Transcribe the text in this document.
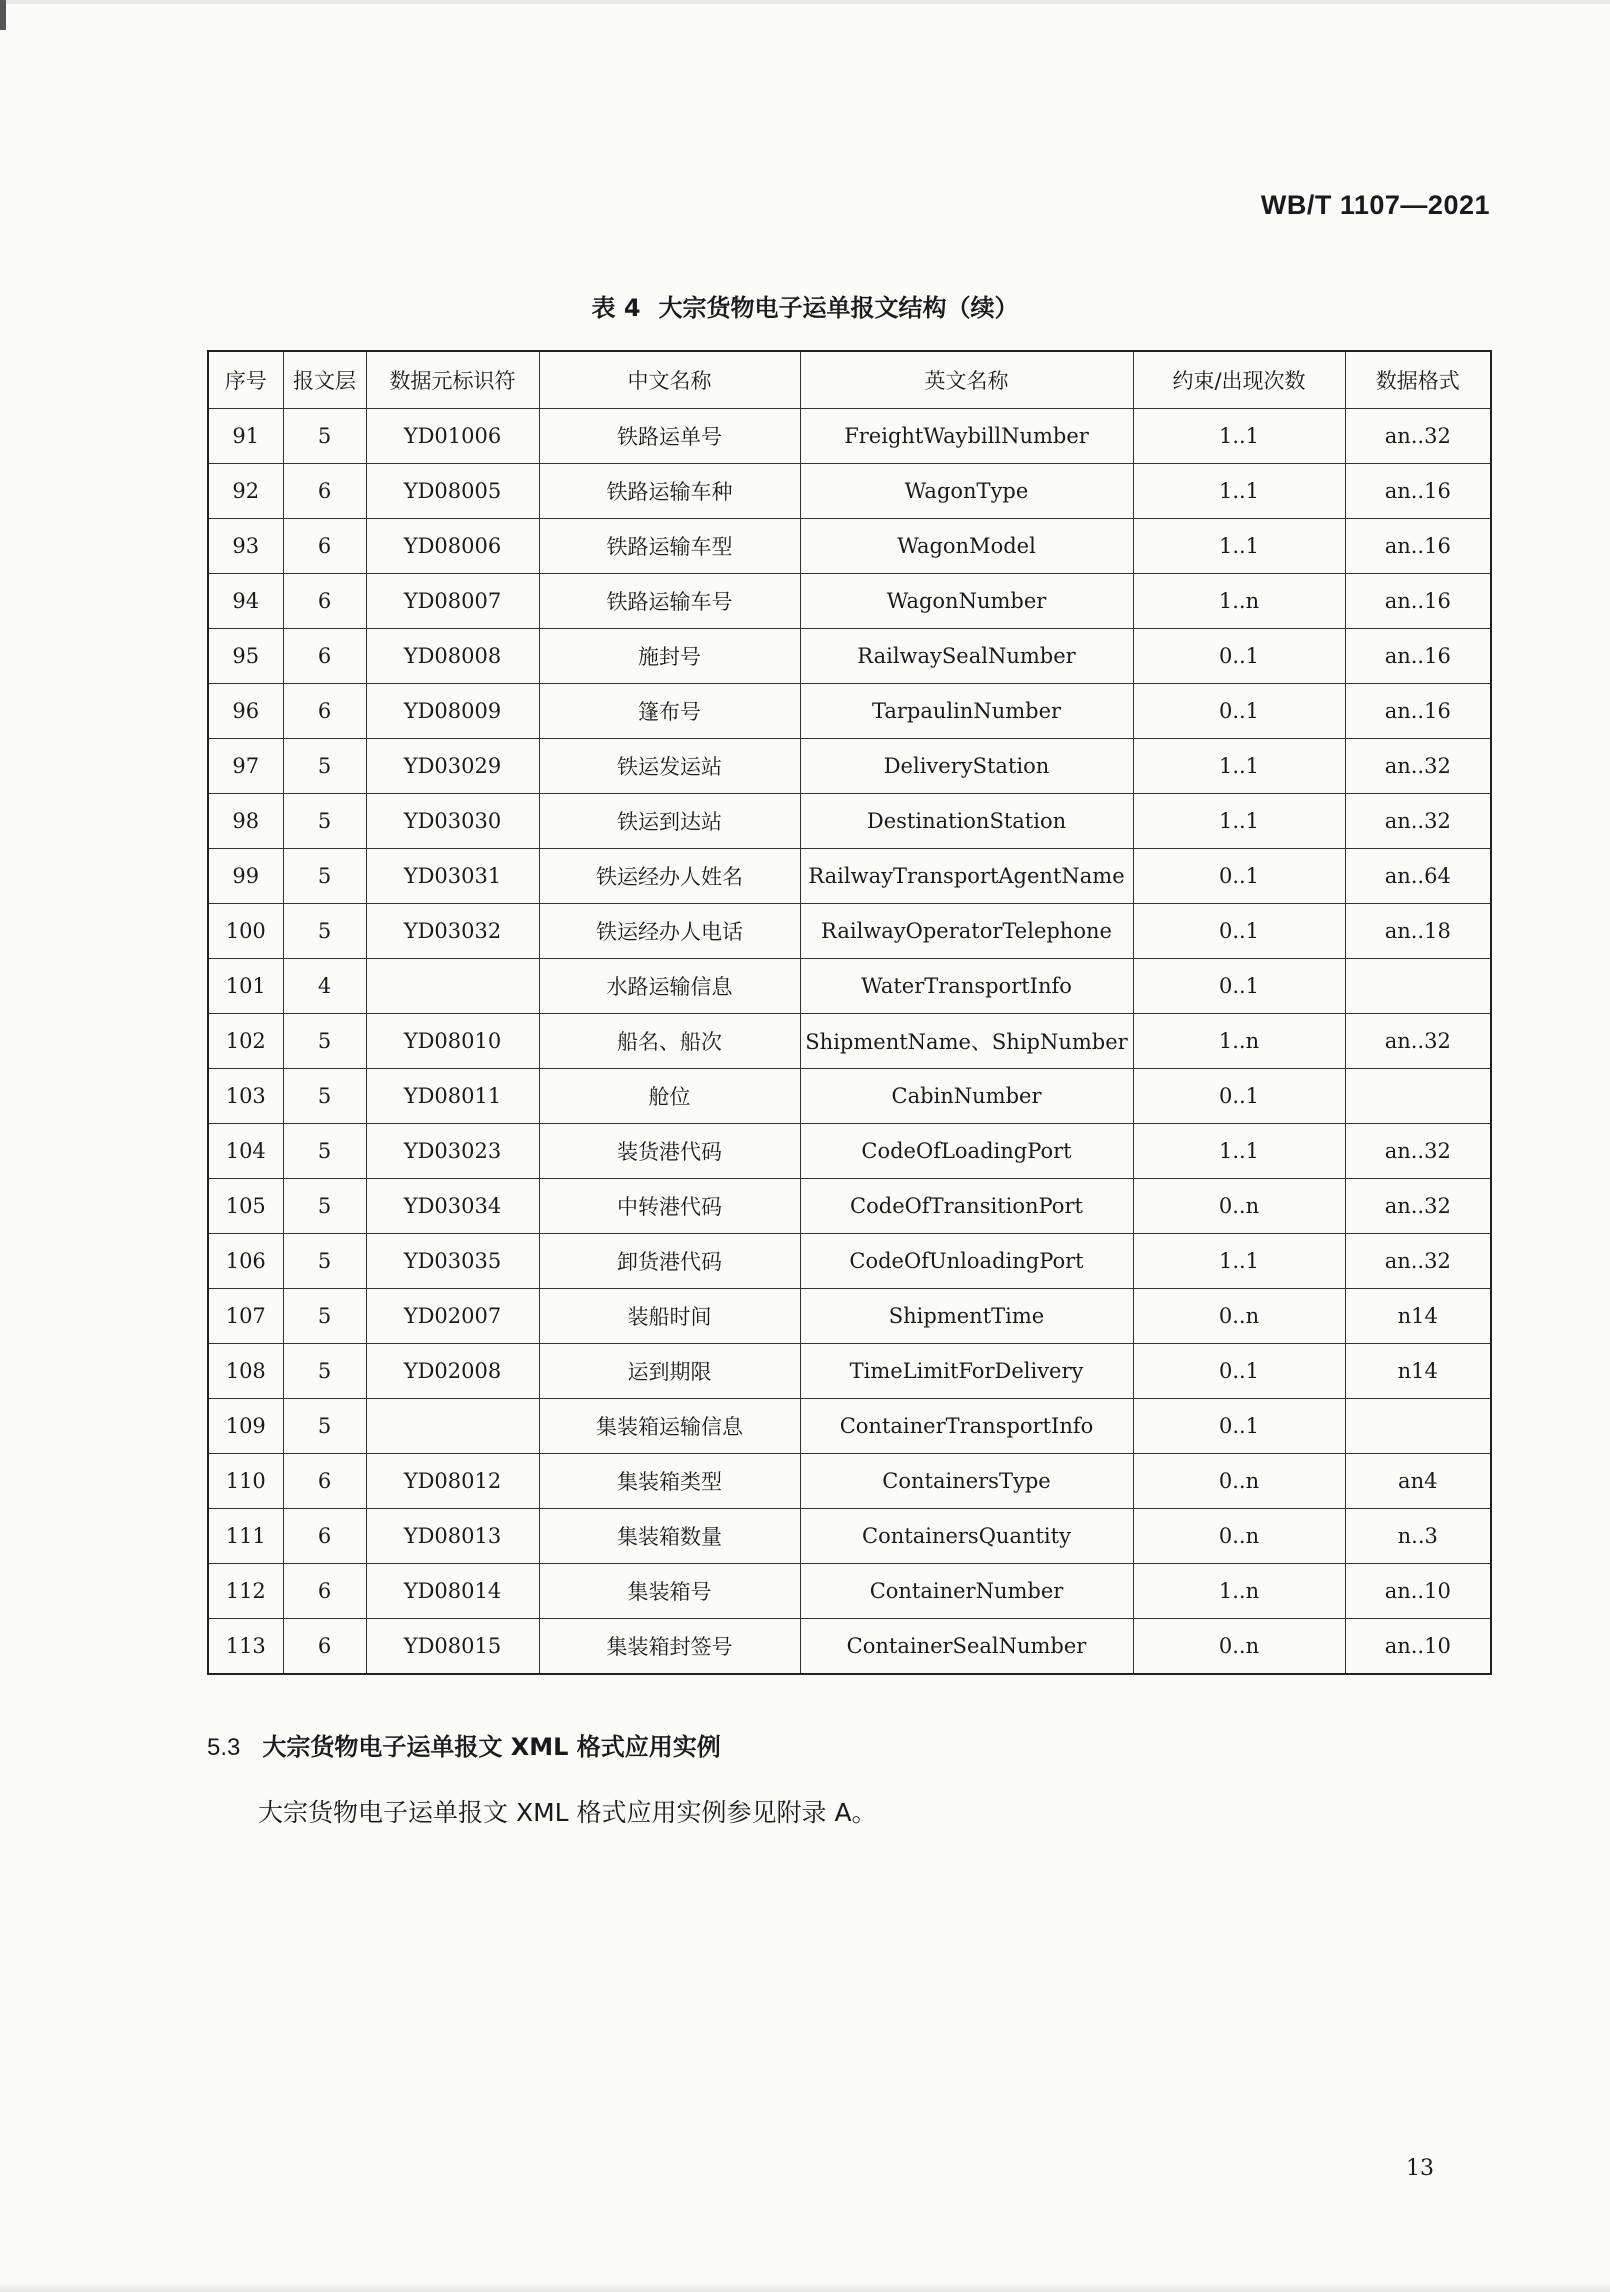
WB/T 1107—2021
表 4 大宗货物电子运单报文结构（续）
序号	报文层	数据元标识符	中文名称	英文名称	约束/出现次数	数据格式
91	5	YD01006	铁路运单号	FreightWaybillNumber	1..1	an..32
92	6	YD08005	铁路运输车种	WagonType	1..1	an..16
93	6	YD08006	铁路运输车型	WagonModel	1..1	an..16
94	6	YD08007	铁路运输车号	WagonNumber	1..n	an..16
95	6	YD08008	施封号	RailwaySealNumber	0..1	an..16
96	6	YD08009	篷布号	TarpaulinNumber	0..1	an..16
97	5	YD03029	铁运发运站	DeliveryStation	1..1	an..32
98	5	YD03030	铁运到达站	DestinationStation	1..1	an..32
99	5	YD03031	铁运经办人姓名	RailwayTransportAgentName	0..1	an..64
100	5	YD03032	铁运经办人电话	RailwayOperatorTelephone	0..1	an..18
101	4		水路运输信息	WaterTransportInfo	0..1	
102	5	YD08010	船名、船次	ShipmentName、ShipNumber	1..n	an..32
103	5	YD08011	舱位	CabinNumber	0..1	
104	5	YD03023	装货港代码	CodeOfLoadingPort	1..1	an..32
105	5	YD03034	中转港代码	CodeOfTransitionPort	0..n	an..32
106	5	YD03035	卸货港代码	CodeOfUnloadingPort	1..1	an..32
107	5	YD02007	装船时间	ShipmentTime	0..n	n14
108	5	YD02008	运到期限	TimeLimitForDelivery	0..1	n14
109	5		集装箱运输信息	ContainerTransportInfo	0..1	
110	6	YD08012	集装箱类型	ContainersType	0..n	an4
111	6	YD08013	集装箱数量	ContainersQuantity	0..n	n..3
112	6	YD08014	集装箱号	ContainerNumber	1..n	an..10
113	6	YD08015	集装箱封签号	ContainerSealNumber	0..n	an..10
5.3 大宗货物电子运单报文 XML 格式应用实例
大宗货物电子运单报文 XML 格式应用实例参见附录 A。
13
